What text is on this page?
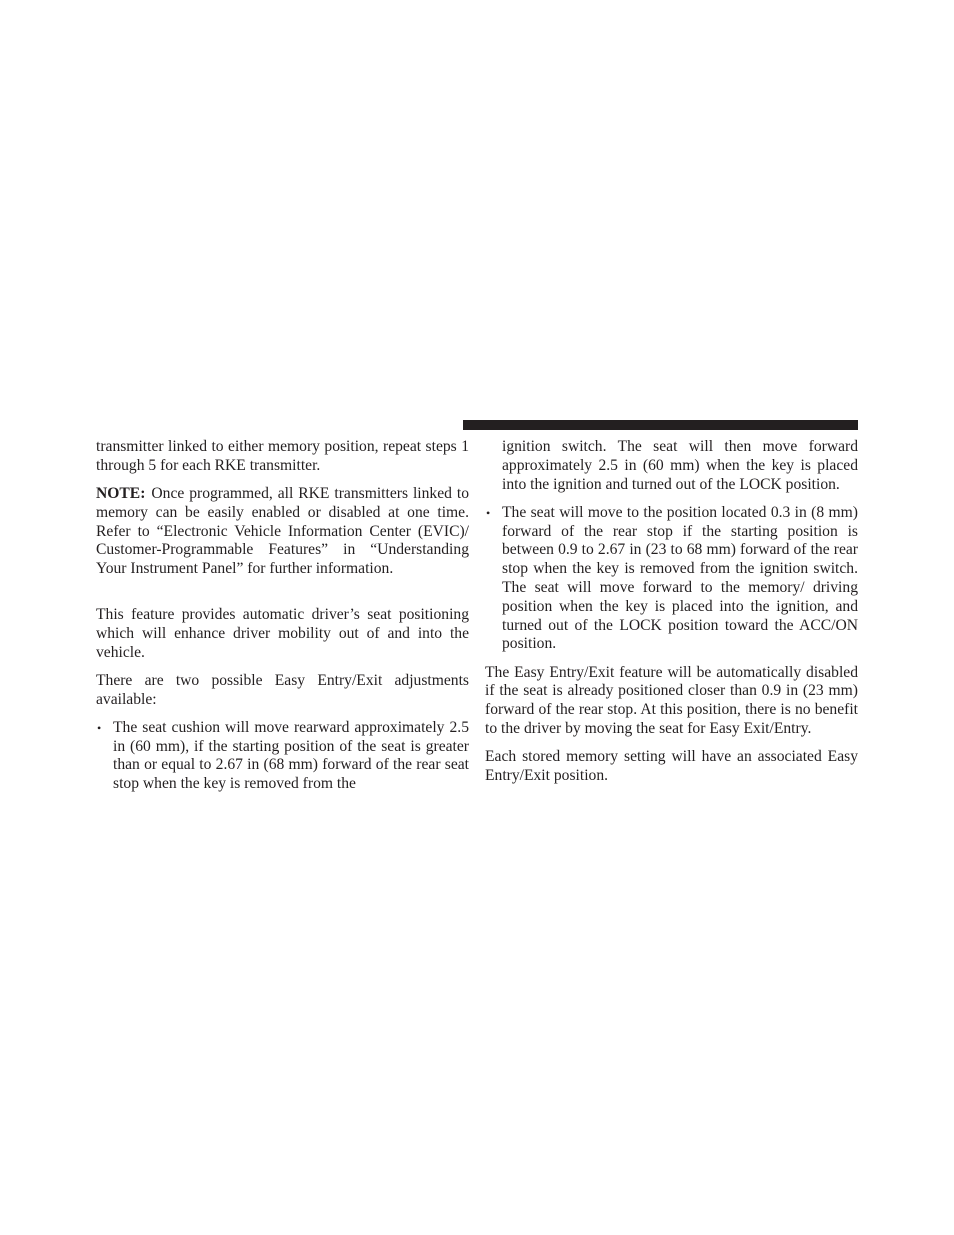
transmitter linked to either memory position, repeat steps 1 through 5 for each RKE transmitter.

NOTE: Once programmed, all RKE transmitters linked to memory can be easily enabled or disabled at one time. Refer to “Electronic Vehicle Information Center (EVIC)/ Customer-Programmable Features” in “Understanding Your Instrument Panel” for further information.

This feature provides automatic driver’s seat positioning which will enhance driver mobility out of and into the vehicle.

There are two possible Easy Entry/Exit adjustments available:

• The seat cushion will move rearward approximately 2.5 in (60 mm), if the starting position of the seat is greater than or equal to 2.67 in (68 mm) forward of the rear seat stop when the key is removed from the

ignition switch. The seat will then move forward approximately 2.5 in (60 mm) when the key is placed into the ignition and turned out of the LOCK position.

• The seat will move to the position located 0.3 in (8 mm) forward of the rear stop if the starting position is between 0.9 to 2.67 in (23 to 68 mm) forward of the rear stop when the key is removed from the ignition switch. The seat will move forward to the memory/ driving position when the key is placed into the ignition, and turned out of the LOCK position toward the ACC/ON position.

The Easy Entry/Exit feature will be automatically disabled if the seat is already positioned closer than 0.9 in (23 mm) forward of the rear stop. At this position, there is no benefit to the driver by moving the seat for Easy Exit/Entry.

Each stored memory setting will have an associated Easy Entry/Exit position.
